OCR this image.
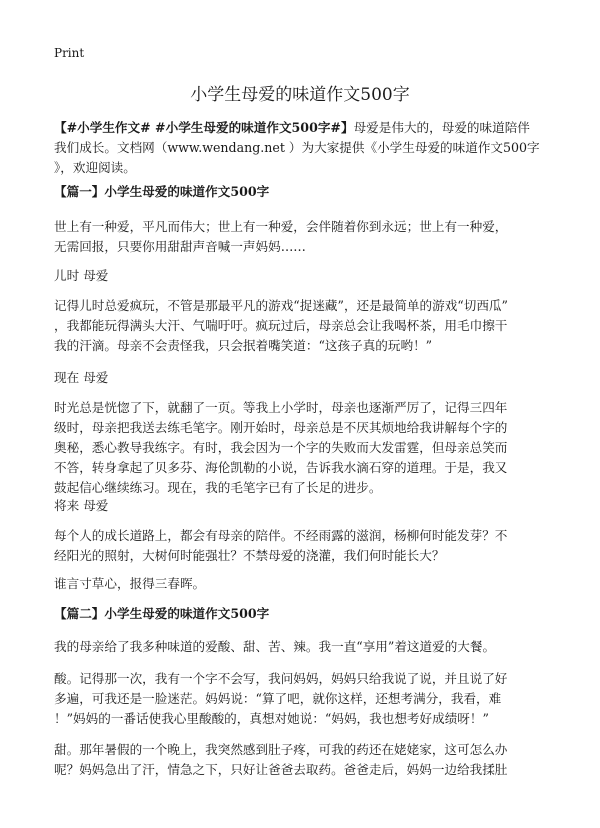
Print
小学生母爱的味道作文500字
【#小学生作文# #小学生母爱的味道作文500字#】母爱是伟大的，母爱的味道陪伴
我们成长。文档网（www.wendang.net ）为大家提供《小学生母爱的味道作文500字
》，欢迎阅读。
【篇一】小学生母爱的味道作文500字
世上有一种爱，平凡而伟大；世上有一种爱，会伴随着你到永远；世上有一种爱，
无需回报，只要你用甜甜声音喊一声妈妈……
儿时 母爱
记得儿时总爱疯玩，不管是那最平凡的游戏“捉迷藏”，还是最简单的游戏“切西瓜”
，我都能玩得满头大汗、气喘吁吁。疯玩过后，母亲总会让我喝杯茶，用毛巾擦干
我的汗滴。母亲不会责怪我，只会抿着嘴笑道：“这孩子真的玩哟！”
现在 母爱
时光总是恍惚了下，就翻了一页。等我上小学时，母亲也逐渐严厉了，记得三四年
级时，母亲把我送去练毛笔字。刚开始时，母亲总是不厌其烦地给我讲解每个字的
奥秘，悉心教导我练字。有时，我会因为一个字的失败而大发雷霆，但母亲总笑而
不答，转身拿起了贝多芬、海伦凯勒的小说，告诉我水滴石穿的道理。于是，我又
鼓起信心继续练习。现在，我的毛笔字已有了长足的进步。
将来 母爱
每个人的成长道路上，都会有母亲的陪伴。不经雨露的滋润，杨柳何时能发芽？不
经阳光的照射，大树何时能强壮？不禁母爱的浇灌，我们何时能长大？
谁言寸草心，报得三春晖。
【篇二】小学生母爱的味道作文500字
我的母亲给了我多种味道的爱酸、甜、苦、辣。我一直“享用”着这道爱的大餐。
酸。记得那一次，我有一个字不会写，我问妈妈，妈妈只给我说了说，并且说了好
多遍，可我还是一脸迷茫。妈妈说：“算了吧，就你这样，还想考满分，我看，难
！”妈妈的一番话使我心里酸酸的，真想对她说：“妈妈，我也想考好成绩呀！”
甜。那年暑假的一个晚上，我突然感到肚子疼，可我的药还在姥姥家，这可怎么办
呢？妈妈急出了汗，情急之下，只好让爸爸去取药。爸爸走后，妈妈一边给我揉肚
